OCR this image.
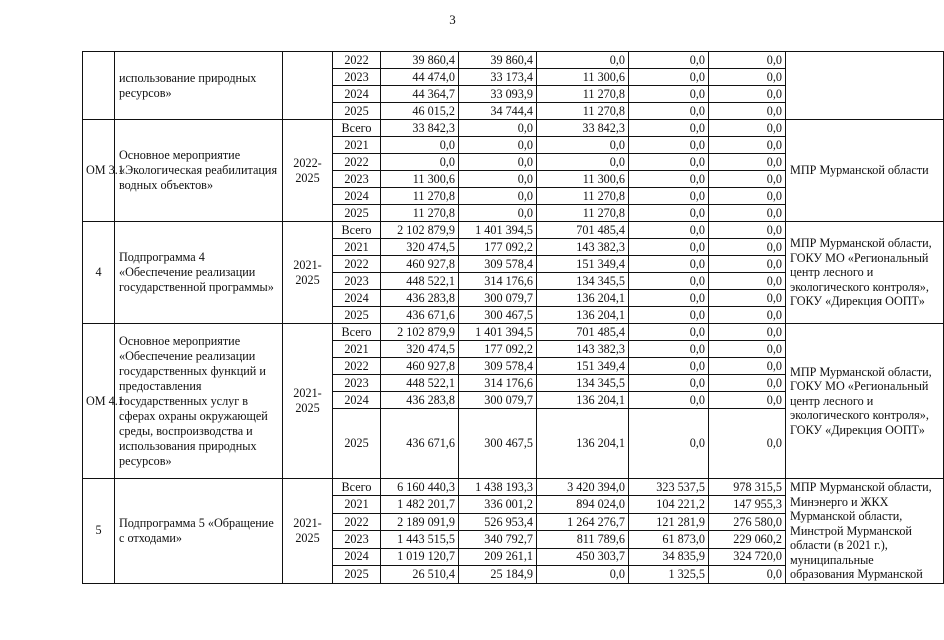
3
	использование природных ресурсов»		2022	39 860,4	39 860,4	0,0	0,0	0,0	
			2023	44 474,0	33 173,4	11 300,6	0,0	0,0	
			2024	44 364,7	33 093,9	11 270,8	0,0	0,0	
			2025	46 015,2	34 744,4	11 270,8	0,0	0,0	
ОМ 3.1	Основное мероприятие «Экологическая реабилитация водных объектов»	2022-2025	Всего	33 842,3	0,0	33 842,3	0,0	0,0	МПР Мурманской области
			2021	0,0	0,0	0,0	0,0	0,0	
			2022	0,0	0,0	0,0	0,0	0,0	
			2023	11 300,6	0,0	11 300,6	0,0	0,0	
			2024	11 270,8	0,0	11 270,8	0,0	0,0	
			2025	11 270,8	0,0	11 270,8	0,0	0,0	
4	Подпрограмма 4 «Обеспечение реализации государственной программы»	2021-2025	Всего	2 102 879,9	1 401 394,5	701 485,4	0,0	0,0	МПР Мурманской области, ГОКУ МО «Региональный центр лесного и экологического контроля», ГОКУ «Дирекция ООПТ»
			2021	320 474,5	177 092,2	143 382,3	0,0	0,0	
			2022	460 927,8	309 578,4	151 349,4	0,0	0,0	
			2023	448 522,1	314 176,6	134 345,5	0,0	0,0	
			2024	436 283,8	300 079,7	136 204,1	0,0	0,0	
			2025	436 671,6	300 467,5	136 204,1	0,0	0,0	
ОМ 4.1	Основное мероприятие «Обеспечение реализации государственных функций и предоставления государственных услуг в сферах охраны окружающей среды, воспроизводства и использования природных ресурсов»	2021-2025	Всего	2 102 879,9	1 401 394,5	701 485,4	0,0	0,0	МПР Мурманской области, ГОКУ МО «Региональный центр лесного и экологического контроля», ГОКУ «Дирекция ООПТ»
			2021	320 474,5	177 092,2	143 382,3	0,0	0,0	
			2022	460 927,8	309 578,4	151 349,4	0,0	0,0	
			2023	448 522,1	314 176,6	134 345,5	0,0	0,0	
			2024	436 283,8	300 079,7	136 204,1	0,0	0,0	
			2025	436 671,6	300 467,5	136 204,1	0,0	0,0	
5	Подпрограмма 5 «Обращение с отходами»	2021-2025	Всего	6 160 440,3	1 438 193,3	3 420 394,0	323 537,5	978 315,5	МПР Мурманской области, Минэнерго и ЖКХ Мурманской области, Минстрой Мурманской области (в 2021 г.), муниципальные образования Мурманской
			2021	1 482 201,7	336 001,2	894 024,0	104 221,2	147 955,3	
			2022	2 189 091,9	526 953,4	1 264 276,7	121 281,9	276 580,0	
			2023	1 443 515,5	340 792,7	811 789,6	61 873,0	229 060,2	
			2024	1 019 120,7	209 261,1	450 303,7	34 835,9	324 720,0	
			2025	26 510,4	25 184,9	0,0	1 325,5	0,0	
